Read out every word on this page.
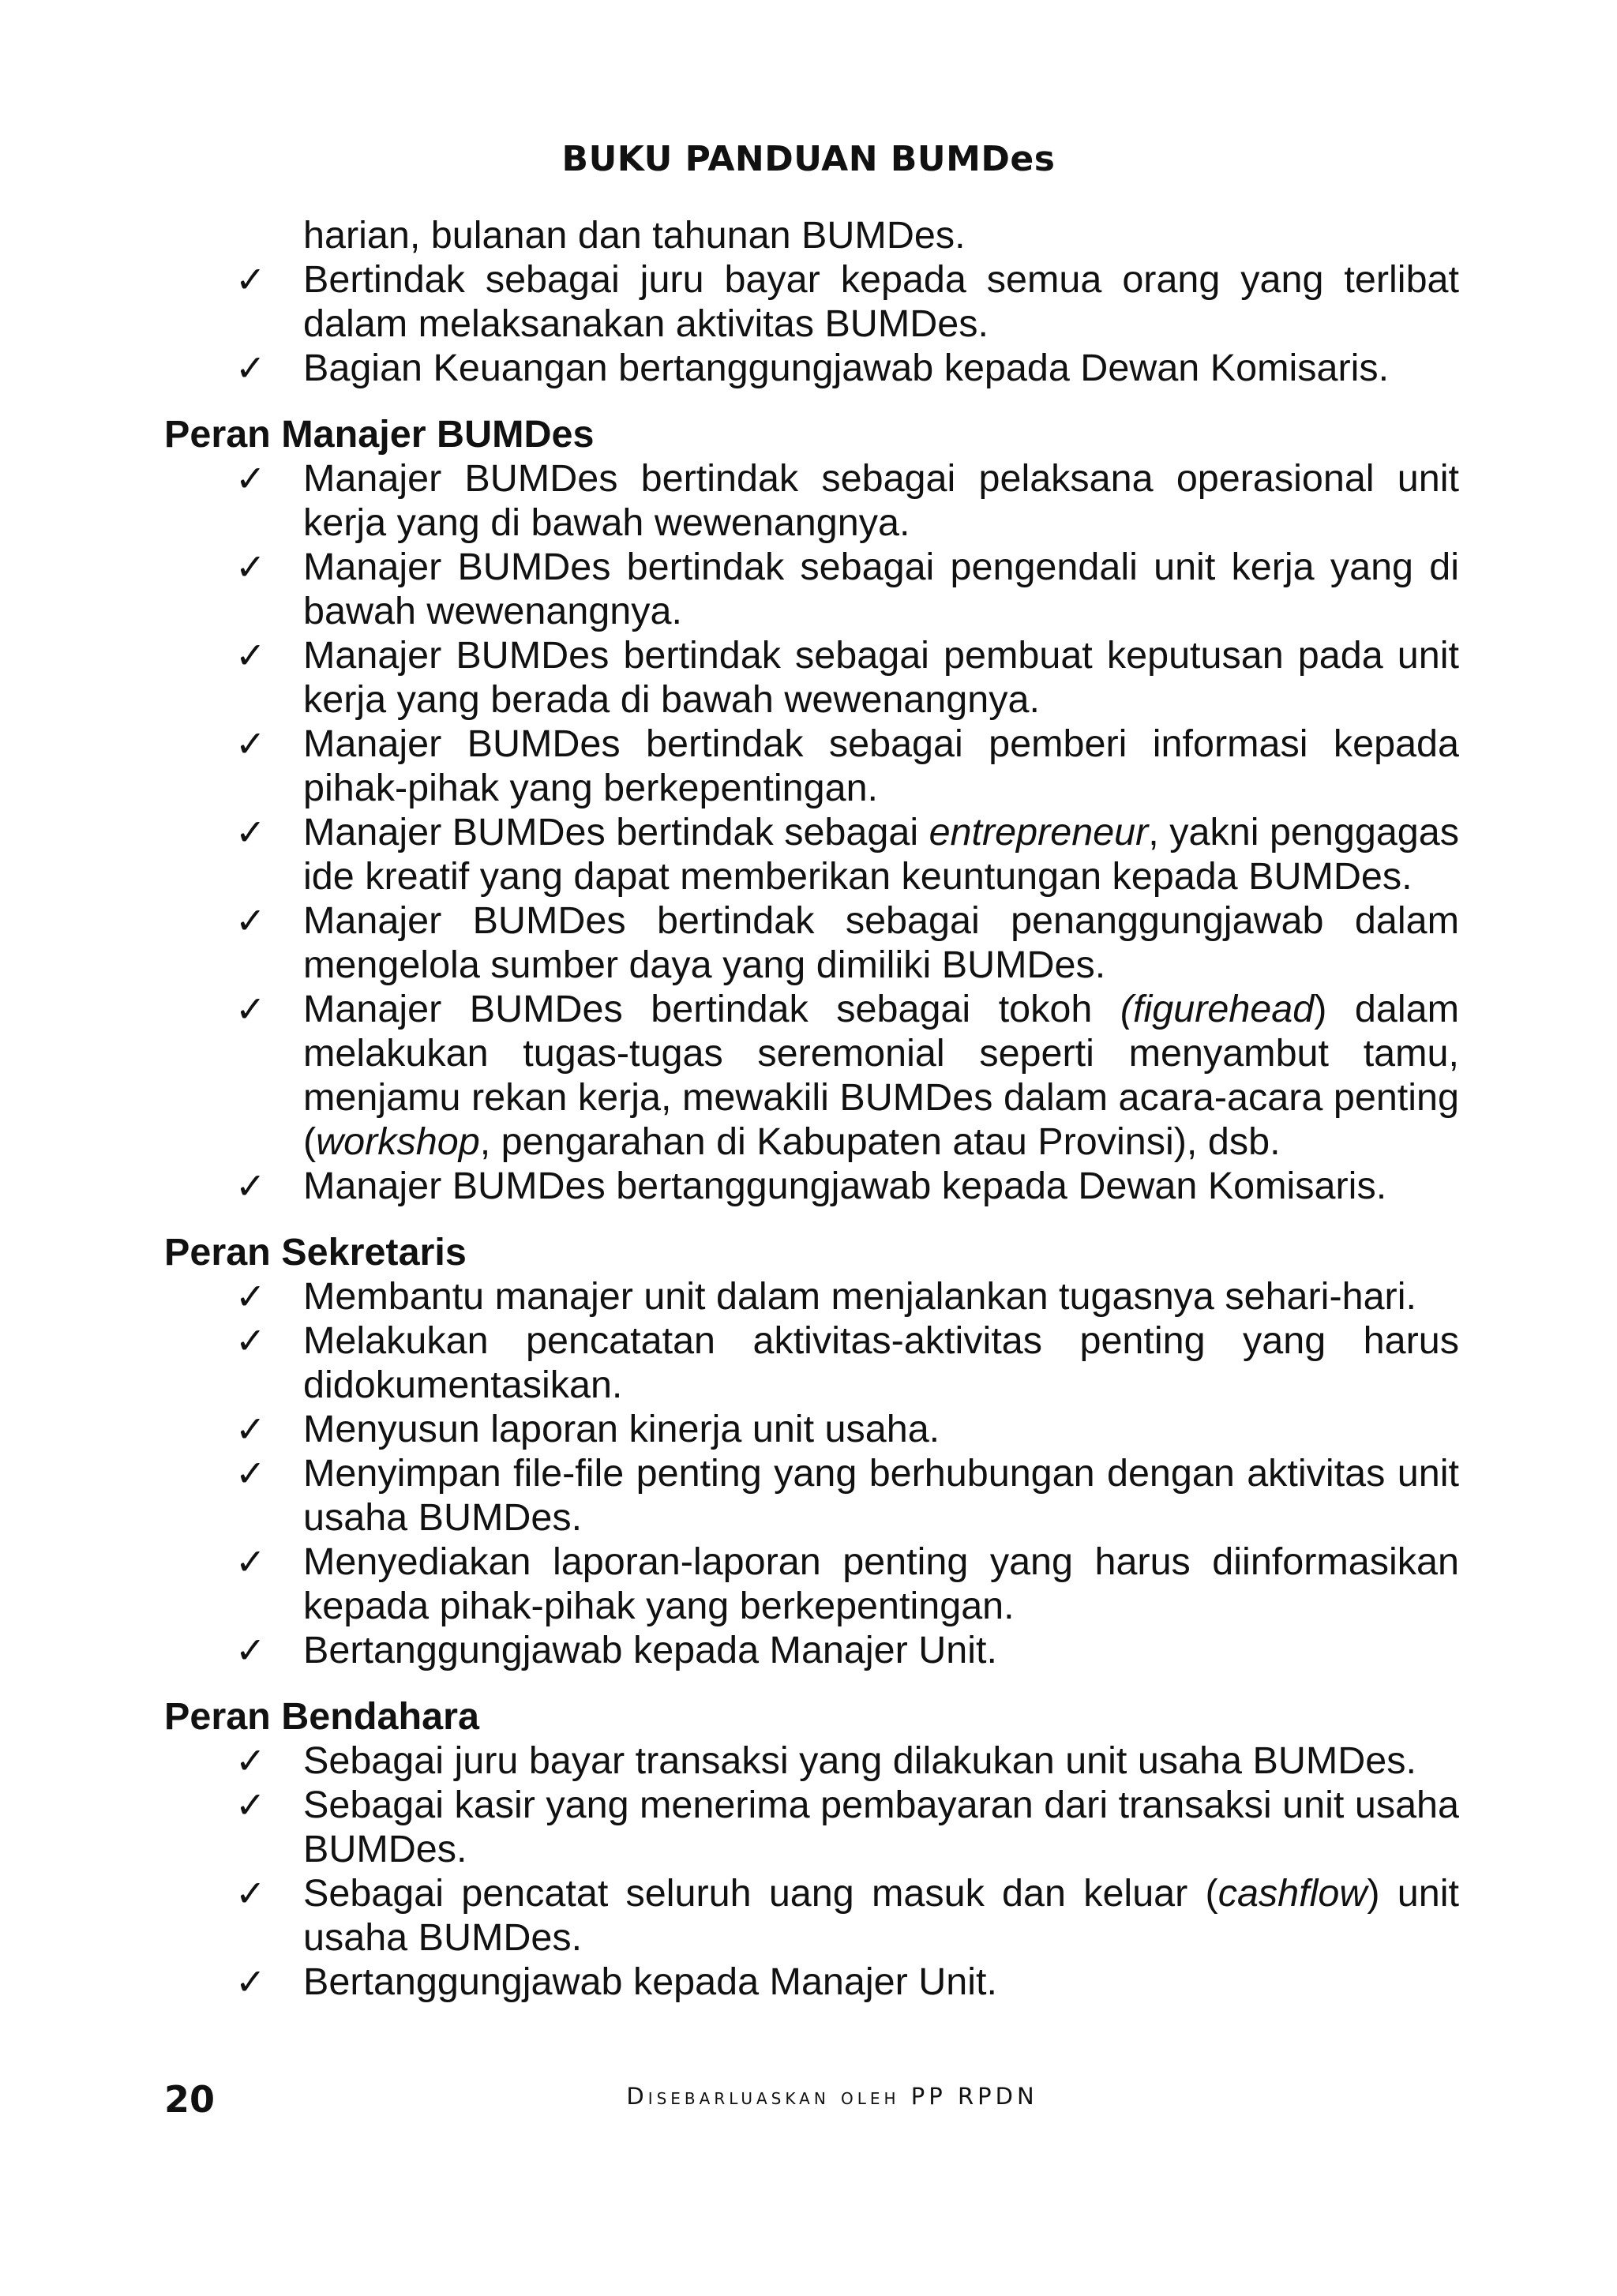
BUKU PANDUAN BUMDes
harian, bulanan dan tahunan BUMDes.
✓ Bertindak sebagai juru bayar kepada semua orang yang terlibat dalam melaksanakan aktivitas BUMDes.
✓ Bagian Keuangan bertanggungjawab kepada Dewan Komisaris.
Peran Manajer BUMDes
✓ Manajer BUMDes bertindak sebagai pelaksana operasional unit kerja yang di bawah wewenangnya.
✓ Manajer BUMDes bertindak sebagai pengendali unit kerja yang di bawah wewenangnya.
✓ Manajer BUMDes bertindak sebagai pembuat keputusan pada unit kerja yang berada di bawah wewenangnya.
✓ Manajer BUMDes bertindak sebagai pemberi informasi kepada pihak-pihak yang berkepentingan.
✓ Manajer BUMDes bertindak sebagai entrepreneur, yakni penggagas ide kreatif yang dapat memberikan keuntungan kepada BUMDes.
✓ Manajer BUMDes bertindak sebagai penanggungjawab dalam mengelola sumber daya yang dimiliki BUMDes.
✓ Manajer BUMDes bertindak sebagai tokoh (figurehead) dalam melakukan tugas-tugas seremonial seperti menyambut tamu, menjamu rekan kerja, mewakili BUMDes dalam acara-acara penting (workshop, pengarahan di Kabupaten atau Provinsi), dsb.
✓ Manajer BUMDes bertanggungjawab kepada Dewan Komisaris.
Peran Sekretaris
✓ Membantu manajer unit dalam menjalankan tugasnya sehari-hari.
✓ Melakukan pencatatan aktivitas-aktivitas penting yang harus didokumentasikan.
✓ Menyusun laporan kinerja unit usaha.
✓ Menyimpan file-file penting yang berhubungan dengan aktivitas unit usaha BUMDes.
✓ Menyediakan laporan-laporan penting yang harus diinformasikan kepada pihak-pihak yang berkepentingan.
✓ Bertanggungjawab kepada Manajer Unit.
Peran Bendahara
✓ Sebagai juru bayar transaksi yang dilakukan unit usaha BUMDes.
✓ Sebagai kasir yang menerima pembayaran dari transaksi unit usaha BUMDes.
✓ Sebagai pencatat seluruh uang masuk dan keluar (cashflow) unit usaha BUMDes.
✓ Bertanggungjawab kepada Manajer Unit.
20	Disebarluaskan oleh PP RPDN
